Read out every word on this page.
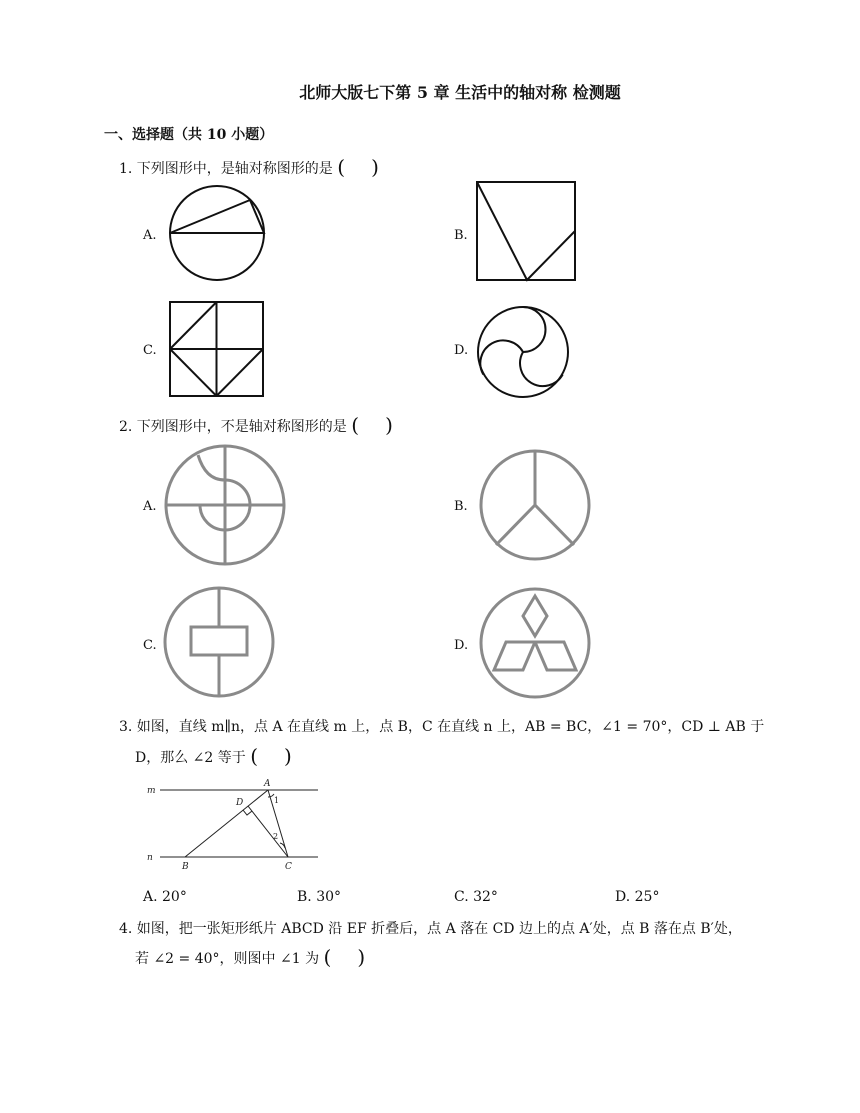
北师大版七下第 5 章 生活中的轴对称 检测题
一、选择题（共 10 小题）
1. 下列图形中，是轴对称图形的是 ( )
A.	B.
C.	D.
2. 下列图形中，不是轴对称图形的是 ( )
A.	B.
C.	D.
3. 如图，直线 m∥n，点 A 在直线 m 上，点 B，C 在直线 n 上，AB = BC，∠1 = 70°，CD ⊥ AB 于
D，那么 ∠2 等于 ( )
m
n
A
D
B	C
1
2
A. 20°	B. 30°	C. 32°	D. 25°
4. 如图，把一张矩形纸片 ABCD 沿 EF 折叠后，点 A 落在 CD 边上的点 A′处，点 B 落在点 B′处，
若 ∠2 = 40°，则图中 ∠1 为 ( )
